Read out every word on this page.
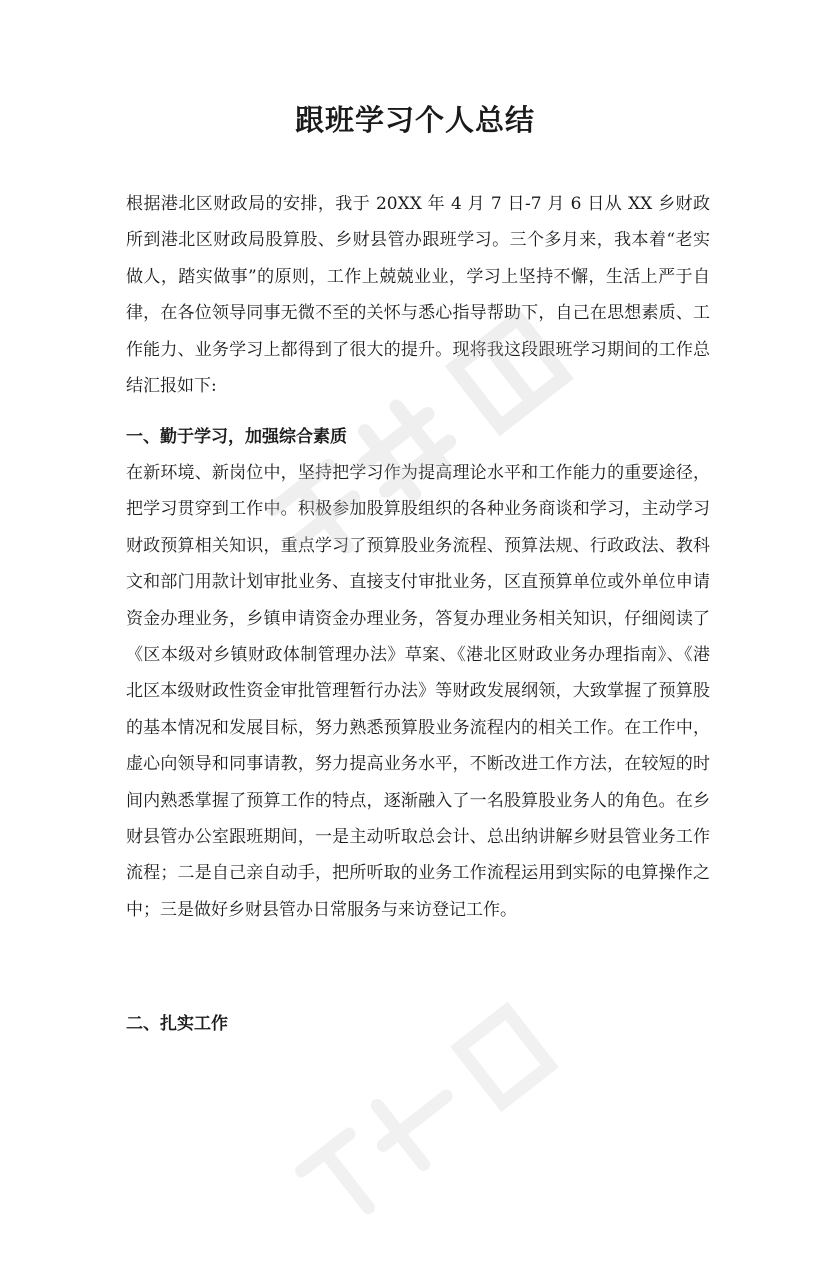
跟班学习个人总结

根据港北区财政局的安排，我于 20XX 年 4 月 7 日-7 月 6 日从 XX 乡财政所到港北区财政局股算股、乡财县管办跟班学习。三个多月来，我本着“老实做人，踏实做事”的原则，工作上兢兢业业，学习上坚持不懈，生活上严于自律，在各位领导同事无微不至的关怀与悉心指导帮助下，自己在思想素质、工作能力、业务学习上都得到了很大的提升。现将我这段跟班学习期间的工作总结汇报如下:

一、勤于学习，加强综合素质

在新环境、新岗位中，坚持把学习作为提高理论水平和工作能力的重要途径，把学习贯穿到工作中。积极参加股算股组织的各种业务商谈和学习，主动学习财政预算相关知识，重点学习了预算股业务流程、预算法规、行政政法、教科文和部门用款计划审批业务、直接支付审批业务，区直预算单位或外单位申请资金办理业务，乡镇申请资金办理业务，答复办理业务相关知识，仔细阅读了《区本级对乡镇财政体制管理办法》草案、《港北区财政业务办理指南》、《港北区本级财政性资金审批管理暂行办法》等财政发展纲领，大致掌握了预算股的基本情况和发展目标，努力熟悉预算股业务流程内的相关工作。在工作中，虚心向领导和同事请教，努力提高业务水平，不断改进工作方法，在较短的时间内熟悉掌握了预算工作的特点，逐渐融入了一名股算股业务人的角色。在乡财县管办公室跟班期间，一是主动听取总会计、总出纳讲解乡财县管业务工作流程；二是自己亲自动手，把所听取的业务工作流程运用到实际的电算操作之中；三是做好乡财县管办日常服务与来访登记工作。

二、扎实工作
